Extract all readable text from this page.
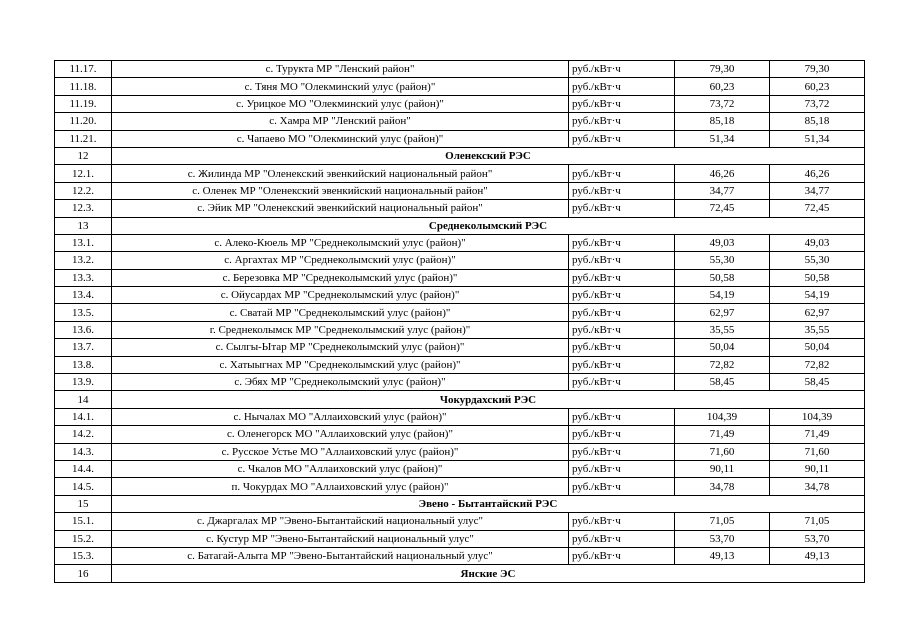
11.17.	с. Турукта МР "Ленский район"	руб./кВт·ч	79,30	79,30
11.18.	с. Тяня МО "Олекминский улус (район)"	руб./кВт·ч	60,23	60,23
11.19.	с. Урицкое МО "Олекминский улус (район)"	руб./кВт·ч	73,72	73,72
11.20.	с. Хамра МР "Ленский район"	руб./кВт·ч	85,18	85,18
11.21.	с. Чапаево МО "Олекминский улус (район)"	руб./кВт·ч	51,34	51,34
12	Оленекский РЭС			
12.1.	с. Жилинда МР "Оленекский эвенкийский национальный район"	руб./кВт·ч	46,26	46,26
12.2.	с. Оленек МР "Оленекский эвенкийский национальный район"	руб./кВт·ч	34,77	34,77
12.3.	с. Эйик МР "Оленекский эвенкийский национальный район"	руб./кВт·ч	72,45	72,45
13	Среднеколымский РЭС			
13.1.	с. Алеко-Кюель МР "Среднеколымский улус (район)"	руб./кВт·ч	49,03	49,03
13.2.	с. Аргахтах МР "Среднеколымский улус (район)"	руб./кВт·ч	55,30	55,30
13.3.	с. Березовка МР "Среднеколымский улус (район)"	руб./кВт·ч	50,58	50,58
13.4.	с. Ойусардах МР "Среднеколымский улус (район)"	руб./кВт·ч	54,19	54,19
13.5.	с. Сватай МР "Среднеколымский улус (район)"	руб./кВт·ч	62,97	62,97
13.6.	г. Среднеколымск МР "Среднеколымский улус (район)"	руб./кВт·ч	35,55	35,55
13.7.	с. Сылгы-Ытар МР "Среднеколымский улус (район)"	руб./кВт·ч	50,04	50,04
13.8.	с. Хатыыгнах МР "Среднеколымский улус (район)"	руб./кВт·ч	72,82	72,82
13.9.	с. Эбях МР "Среднеколымский улус (район)"	руб./кВт·ч	58,45	58,45
14	Чокурдахский РЭС			
14.1.	с. Нычалах МО "Аллаиховский улус (район)"	руб./кВт·ч	104,39	104,39
14.2.	с. Оленегорск МО "Аллаиховский улус (район)"	руб./кВт·ч	71,49	71,49
14.3.	с. Русское Устье МО "Аллаиховский улус (район)"	руб./кВт·ч	71,60	71,60
14.4.	с. Чкалов МО "Аллаиховский улус (район)"	руб./кВт·ч	90,11	90,11
14.5.	п. Чокурдах МО "Аллаиховский улус (район)"	руб./кВт·ч	34,78	34,78
15	Эвено - Бытантайский РЭС			
15.1.	с. Джаргалах МР "Эвено-Бытантайский национальный улус"	руб./кВт·ч	71,05	71,05
15.2.	с. Кустур МР "Эвено-Бытантайский национальный улус"	руб./кВт·ч	53,70	53,70
15.3.	с. Батагай-Алыта МР "Эвено-Бытантайский национальный улус"	руб./кВт·ч	49,13	49,13
16	Янские ЭС			
